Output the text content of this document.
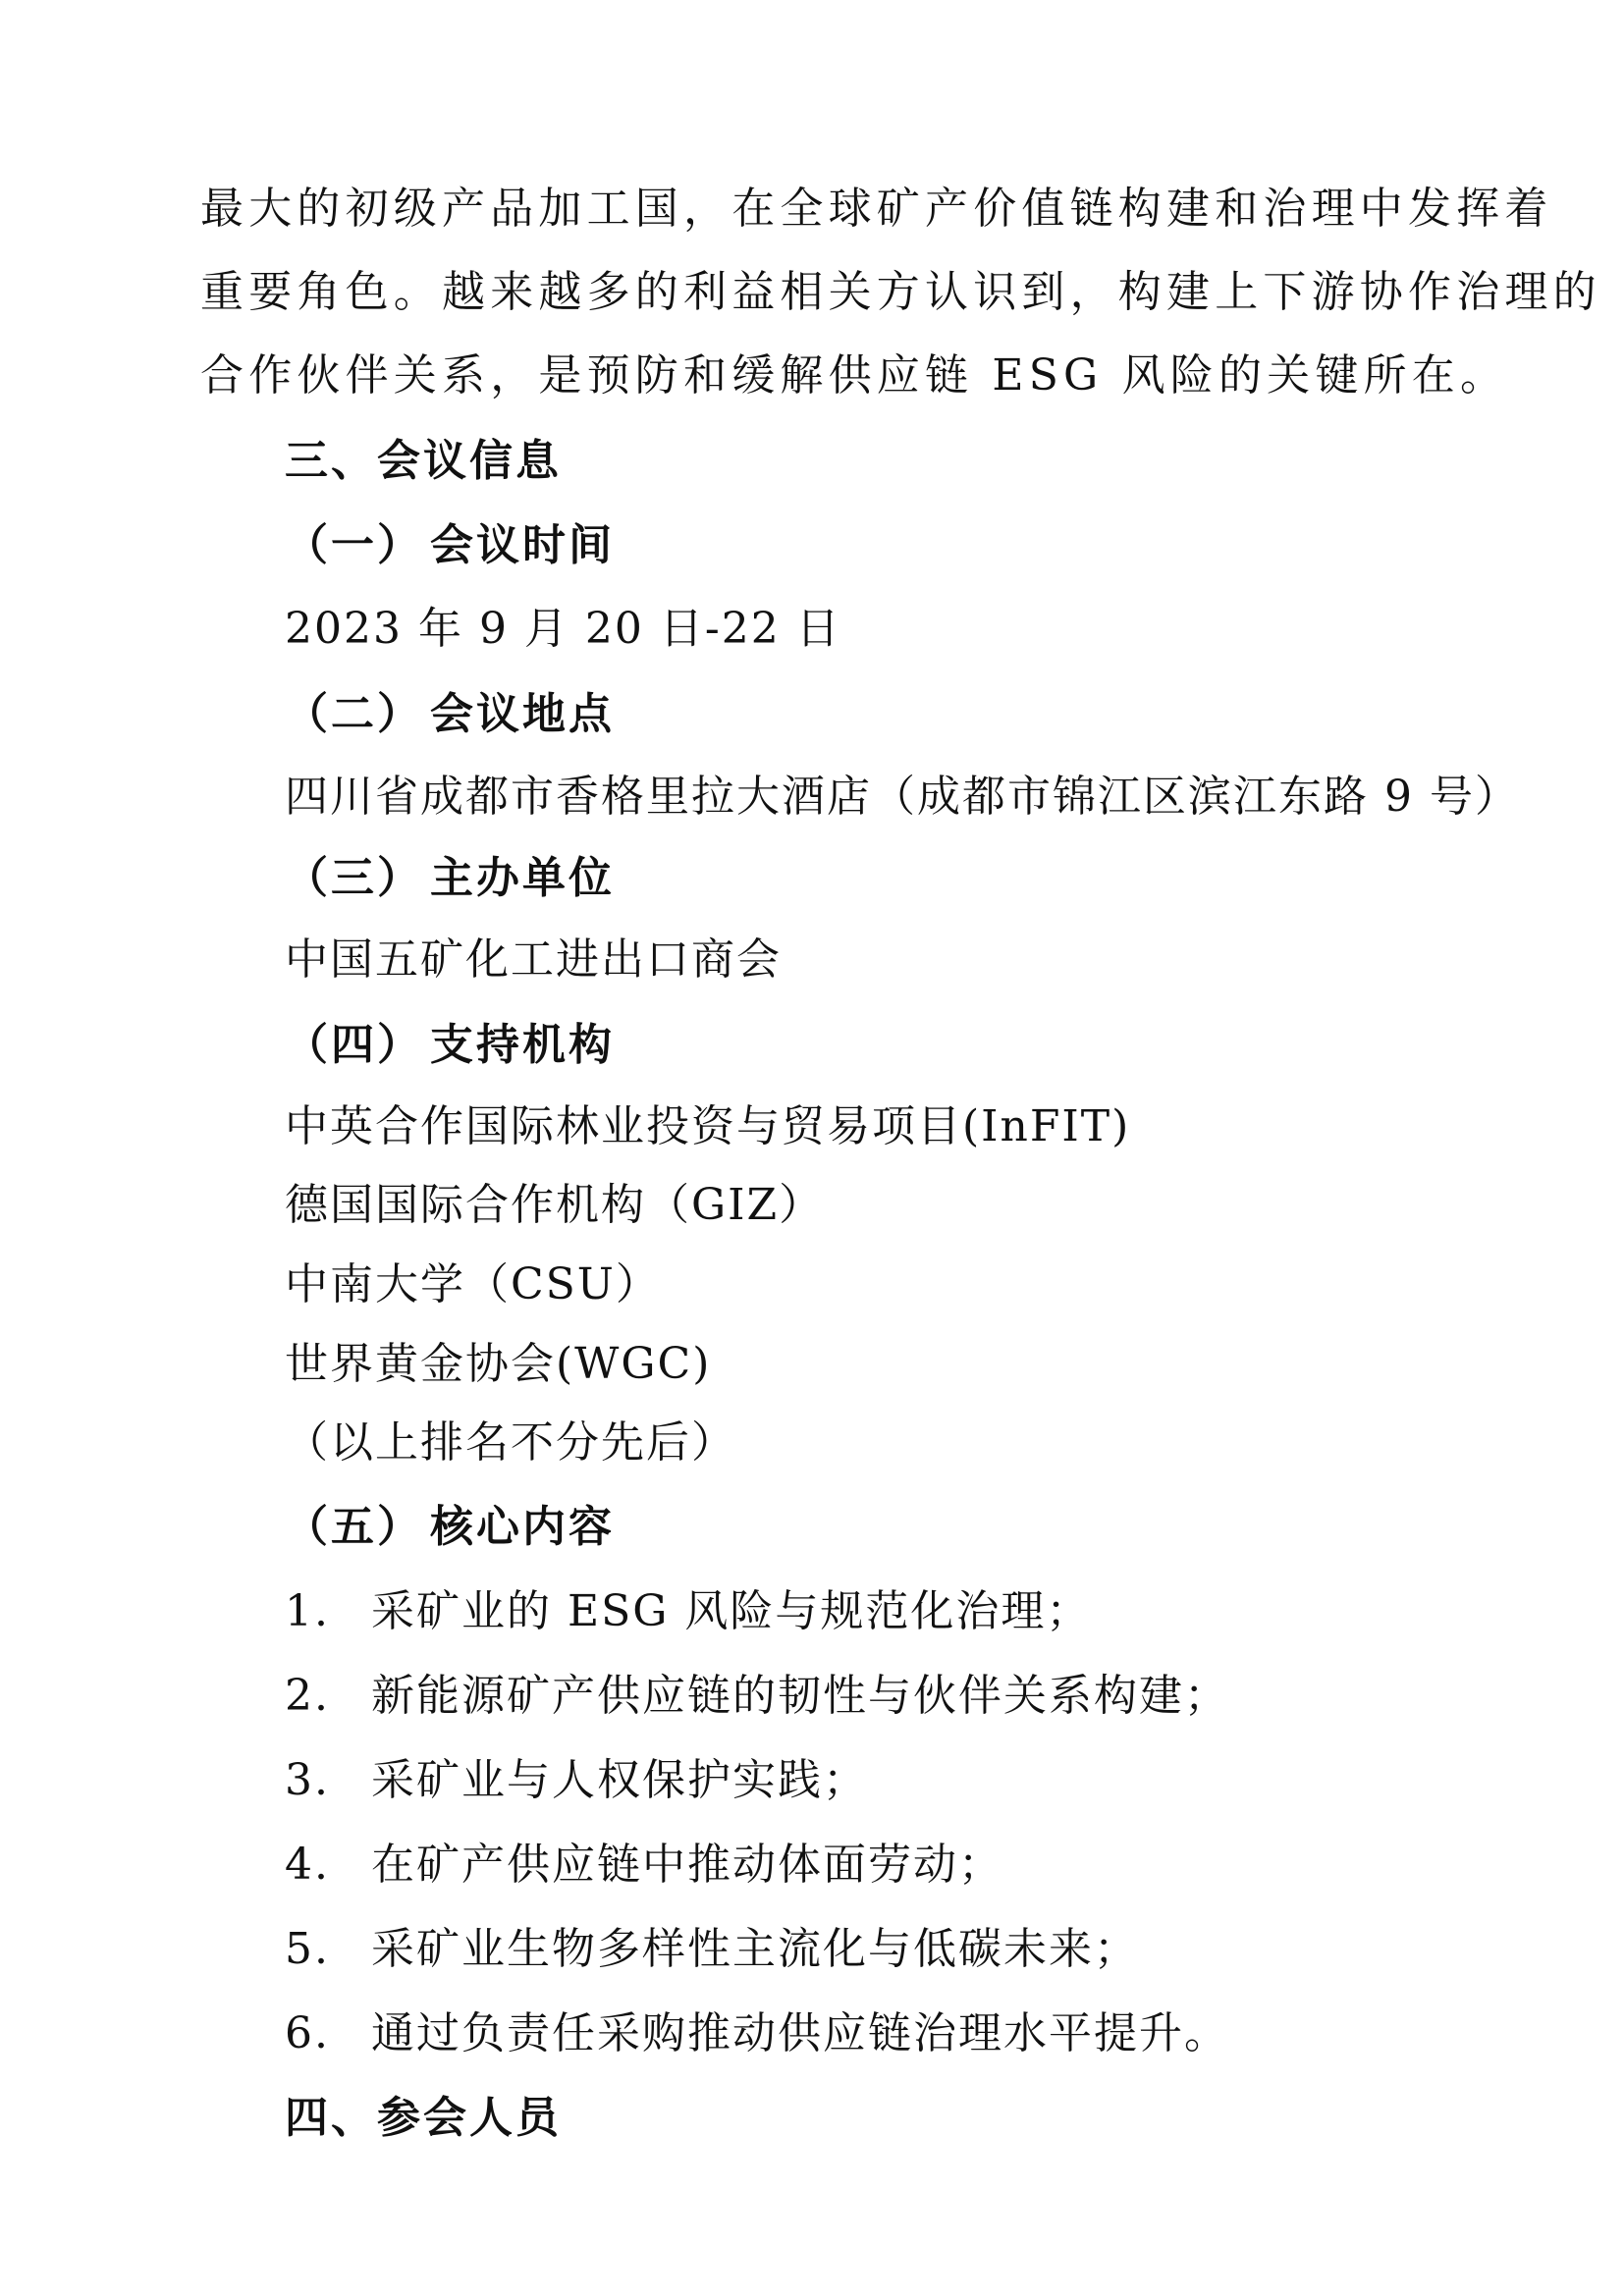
最大的初级产品加工国，在全球矿产价值链构建和治理中发挥着
重要角色。越来越多的利益相关方认识到，构建上下游协作治理的
合作伙伴关系，是预防和缓解供应链 ESG 风险的关键所在。
三、会议信息
（一） 会议时间
2023 年 9 月 20 日-22 日
（二） 会议地点
四川省成都市香格里拉大酒店（成都市锦江区滨江东路 9 号）
（三） 主办单位
中国五矿化工进出口商会
（四） 支持机构
中英合作国际林业投资与贸易项目(InFIT)
德国国际合作机构（GIZ）
中南大学（CSU）
世界黄金协会(WGC)
（以上排名不分先后）
（五） 核心内容
1. 采矿业的 ESG 风险与规范化治理；
2. 新能源矿产供应链的韧性与伙伴关系构建；
3. 采矿业与人权保护实践；
4. 在矿产供应链中推动体面劳动；
5. 采矿业生物多样性主流化与低碳未来；
6. 通过负责任采购推动供应链治理水平提升。
四、参会人员
